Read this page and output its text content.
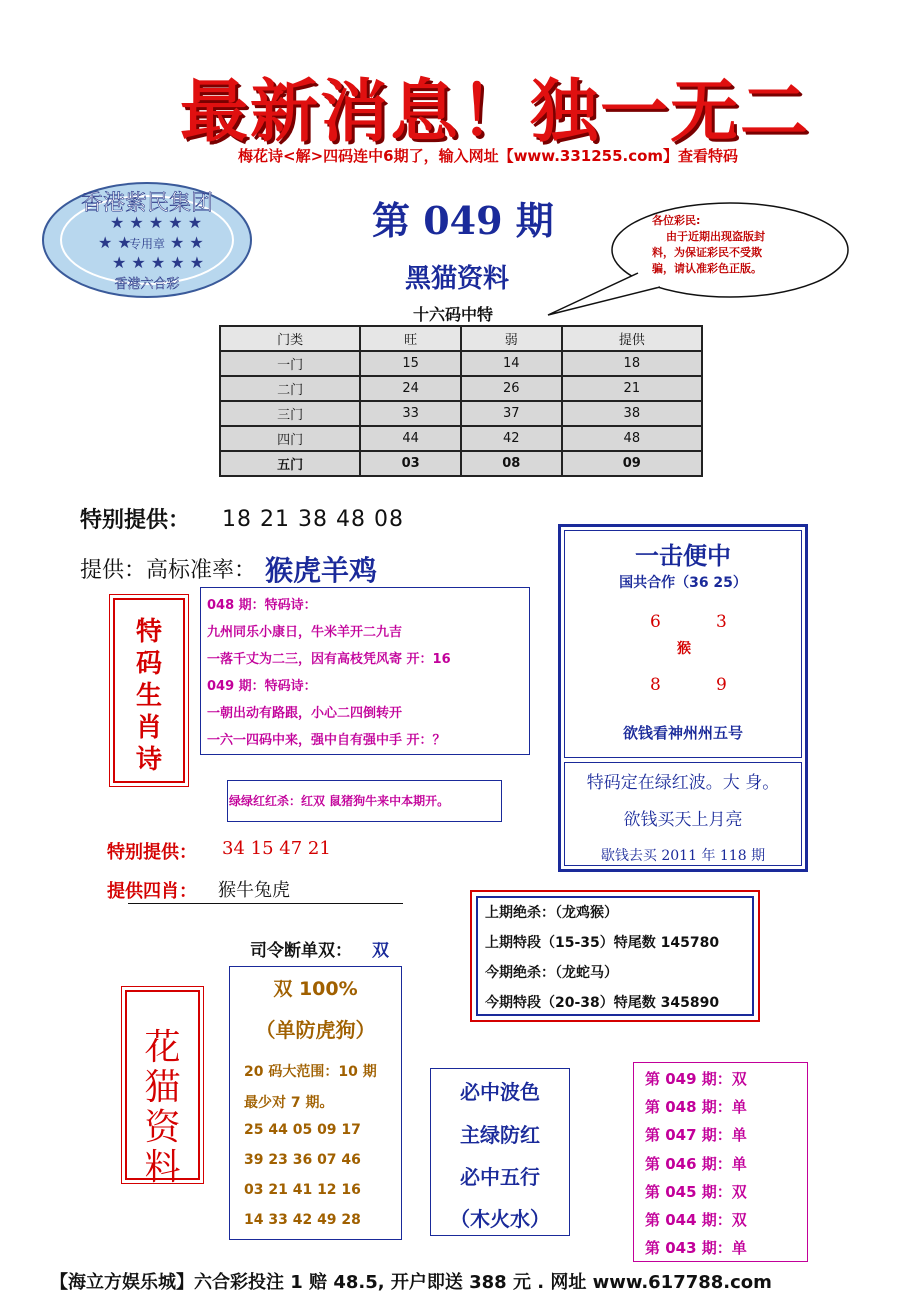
最新消息！独一无二
梅花诗<解>四码连中6期了，输入网址【www.331255.com】查看特码
第 049 期
★ ★ ★ ★ ★
★ ★ ★ ★
★ ★ ★ ★ ★
香港紫民集团
专用章
香港六合彩
各位彩民:
由于近期出现盗版封
料，为保证彩民不受欺
骗，请认准彩色正版。
黑猫资料
十六码中特
门类	旺	弱	提供
一门	15	14	18
二门	24	26	21
三门	33	37	38
四门	44	42	48
五门	03	08	09
特别提供： 18 21 38 48 08
提供：高标准率： 猴虎羊鸡	一击便中
国共合作（36 25）
6	3
猴
8	9
欲钱看神州州五号
特码定在绿红波。大 身。
欲钱买天上月亮
歇钱去买 2011 年 118 期
特
码
生
肖
诗
048 期：特码诗：
九州同乐小康日，牛米羊开二九吉
一落千丈为二三，因有高枝凭风寄 开：16
049 期：特码诗：
一朝出动有路跟，小心二四倒转开
一六一四码中来，强中自有强中手 开：？
绿绿红红杀：红双 鼠猪狗牛来中本期开。
特别提供： 34 15 47 21
提供四肖： 猴牛兔虎
上期绝杀：（龙鸡猴）
上期特段（15-35）特尾数 145780
今期绝杀：（龙蛇马）
今期特段（20-38）特尾数 345890
司令断单双： 双
花
猫
资
料
双 100%
（单防虎狗）
20 码大范围：10 期
最少对 7 期。
25 44 05 09 17
39 23 36 07 46
03 21 41 12 16
14 33 42 49 28
必中波色
主绿防红
必中五行
（木火水）
第 049 期：双
第 048 期：单
第 047 期：单
第 046 期：单
第 045 期：双
第 044 期：双
第 043 期：单
【海立方娱乐城】六合彩投注 1 赔 48.5, 开户即送 388 元 . 网址 www.617788.com
